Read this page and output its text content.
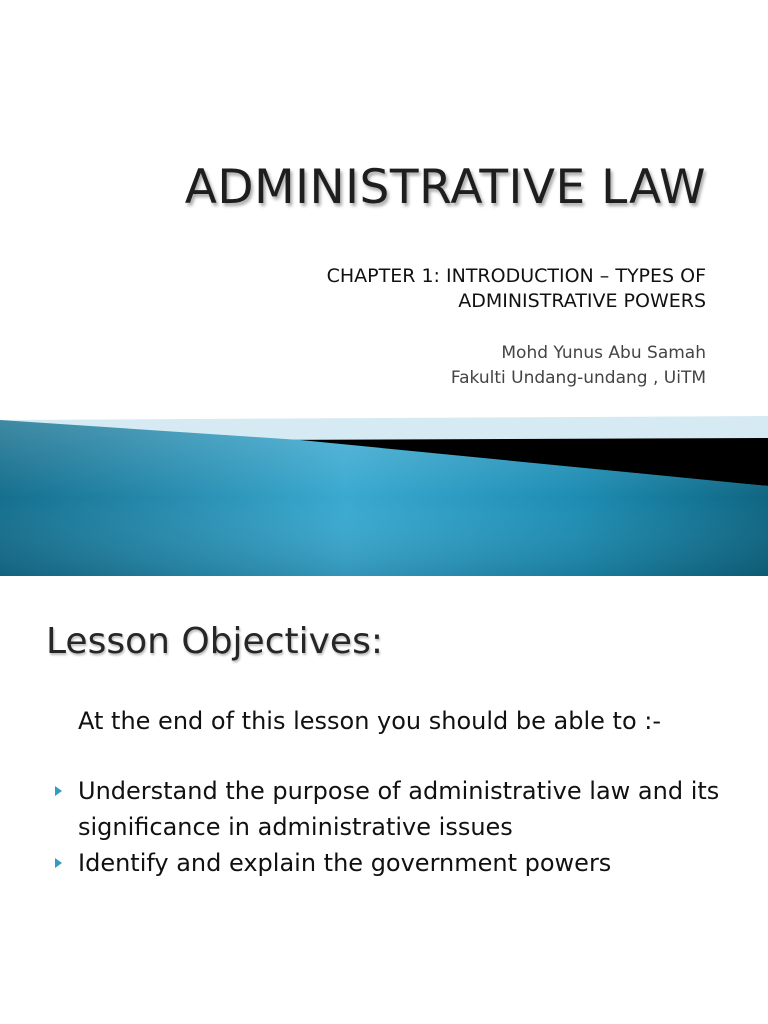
ADMINISTRATIVE LAW
CHAPTER 1: INTRODUCTION – TYPES OF
ADMINISTRATIVE POWERS
Mohd Yunus Abu Samah
Fakulti Undang-undang , UiTM
Lesson Objectives:

At the end of this lesson you should be able to :-

Understand the purpose of administrative law and its significance in administrative issues
Identify and explain the government powers
